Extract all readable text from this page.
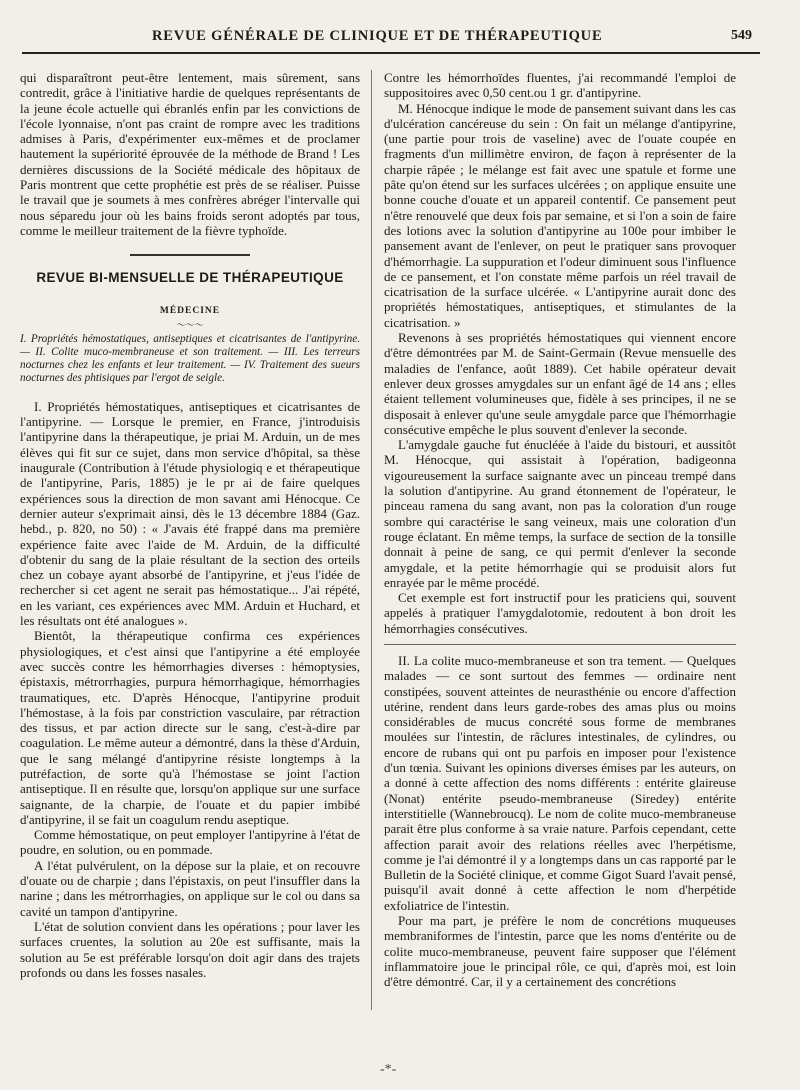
REVUE GÉNÉRALE DE CLINIQUE ET DE THÉRAPEUTIQUE	549

qui disparaîtront peut-être lentement, mais sûrement, sans contredit, grâce à l'initiative hardie de quelques représentants de la jeune école actuelle qui ébranlés enfin par les convictions de l'école lyonnaise, n'ont pas craint de rompre avec les traditions admises à Paris, d'expérimenter eux-mêmes et de proclamer hautement la supériorité éprouvée de la méthode de Brand ! Les dernières discussions de la Société médicale des hôpitaux de Paris montrent que cette prophétie est près de se réaliser. Puisse le travail que je soumets à mes confrères abréger l'intervalle qui nous séparedu jour où les bains froids seront adoptés par tous, comme le meilleur traitement de la fièvre typhoïde.

REVUE BI-MENSUELLE DE THÉRAPEUTIQUE
MÉDECINE
〜〜〜

I. Propriétés hémostatiques, antiseptiques et cicatrisantes de l'antipyrine. — II. Colite muco-membraneuse et son traitement. — III. Les terreurs nocturnes chez les enfants et leur traitement. — IV. Traitement des sueurs nocturnes des phtisiques par l'ergot de seigle.

I. Propriétés hémostatiques, antiseptiques et cicatrisantes de l'antipyrine. — Lorsque le premier, en France, j'introduisis l'antipyrine dans la thérapeutique, je priai M. Arduin, un de mes élèves qui fit sur ce sujet, dans mon service d'hôpital, sa thèse inaugurale (Contribution à l'étude physiologiq e et thérapeutique de l'antipyrine, Paris, 1885) je le pr ai de faire quelques expériences sous la direction de mon savant ami Hénocque. Ce dernier auteur s'exprimait ainsi, dès le 13 décembre 1884 (Gaz. hebd., p. 820, no 50) : « J'avais été frappé dans ma première expérience faite avec l'aide de M. Arduin, de la difficulté d'obtenir du sang de la plaie résultant de la section des orteils chez un cobaye ayant absorbé de l'antipyrine, et j'eus l'idée de rechercher si cet agent ne serait pas hémostatique... J'ai répété, en les variant, ces expériences avec MM. Arduin et Huchard, et les résultats ont été analogues ».

Bientôt, la thérapeutique confirma ces expériences physiologiques, et c'est ainsi que l'antipyrine a été employée avec succès contre les hémorrhagies diverses : hémoptysies, épistaxis, métrorrhagies, purpura hémorrhagique, hémorrhagies traumatiques, etc. D'après Hénocque, l'antipyrine produit l'hémostase, à la fois par constriction vasculaire, par rétraction des tissus, et par action directe sur le sang, c'est-à-dire par coagulation. Le même auteur a démontré, dans la thèse d'Arduin, que le sang mélangé d'antipyrine résiste longtemps à la putréfaction, de sorte qu'à l'hémostase se joint l'action antiseptique. Il en résulte que, lorsqu'on applique sur une surface saignante, de la charpie, de l'ouate et du papier imbibé d'antipyrine, il se fait un coagulum rendu aseptique.

Comme hémostatique, on peut employer l'antipyrine à l'état de poudre, en solution, ou en pommade.

A l'état pulvérulent, on la dépose sur la plaie, et on recouvre d'ouate ou de charpie ; dans l'épistaxis, on peut l'insuffler dans la narine ; dans les métrorrhagies, on applique sur le col ou dans sa cavité un tampon d'antipyrine.

L'état de solution convient dans les opérations ; pour laver les surfaces cruentes, la solution au 20e est suffisante, mais la solution au 5e est préférable lorsqu'on doit agir dans des trajets profonds ou dans les fosses nasales.

Contre les hémorrhoïdes fluentes, j'ai recommandé l'emploi de suppositoires avec 0,50 cent.ou 1 gr. d'antipyrine.

M. Hénocque indique le mode de pansement suivant dans les cas d'ulcération cancéreuse du sein : On fait un mélange d'antipyrine, (une partie pour trois de vaseline) avec de l'ouate coupée en fragments d'un millimètre environ, de façon à représenter de la charpie râpée ; le mélange est fait avec une spatule et forme une pâte qu'on étend sur les surfaces ulcérées ; on applique ensuite une bonne couche d'ouate et un appareil contentif. Ce pansement peut n'être renouvelé que deux fois par semaine, et si l'on a soin de faire des lotions avec la solution d'antipyrine au 100e pour imbiber le pansement avant de l'enlever, on peut le pratiquer sans provoquer d'hémorrhagie. La suppuration et l'odeur diminuent sous l'influence de ce pansement, et l'on constate même parfois un réel travail de cicatrisation de la surface ulcérée. « L'antipyrine aurait donc des propriétés hémostatiques, antiseptiques, et stimulantes de la cicatrisation. »

Revenons à ses propriétés hémostatiques qui viennent encore d'être démontrées par M. de Saint-Germain (Revue mensuelle des maladies de l'enfance, août 1889). Cet habile opérateur devait enlever deux grosses amygdales sur un enfant âgé de 14 ans ; elles étaient tellement volumineuses que, fidèle à ses principes, il ne se disposait à enlever qu'une seule amygdale parce que l'hémorrhagie consécutive empêche le plus souvent d'enlever la seconde.

L'amygdale gauche fut énucléée à l'aide du bistouri, et aussitôt M. Hénocque, qui assistait à l'opération, badigeonna vigoureusement la surface saignante avec un pinceau trempé dans la solution d'antipyrine. Au grand étonnement de l'opérateur, le pinceau ramena du sang avant, non pas la coloration d'un rouge sombre qui caractérise le sang veineux, mais une coloration d'un rouge éclatant. En même temps, la surface de section de la tonsille donnait à peine de sang, ce qui permit d'enlever la seconde amygdale, et la petite hémorrhagie qui se produisit alors fut enrayée par le même procédé.

Cet exemple est fort instructif pour les praticiens qui, souvent appelés à pratiquer l'amygdalotomie, redoutent à bon droit les hémorrhagies consécutives.

II. La colite muco-membraneuse et son tra tement. — Quelques malades — ce sont surtout des femmes — ordinaire nent constipées, souvent atteintes de neurasthénie ou encore d'affection utérine, rendent dans leurs garde-robes des amas plus ou moins considérables de mucus concrété sous forme de membranes moulées sur l'intestin, de râclures intestinales, de cylindres, ou encore de rubans qui ont pu parfois en imposer pour l'existence d'un tœnia. Suivant les opinions diverses émises par les auteurs, on a donné à cette affection des noms différents : entérite glaireuse (Nonat) entérite pseudo-membraneuse (Siredey) entérite interstitielle (Wannebroucq). Le nom de colite muco-membraneuse parait être plus conforme à sa vraie nature. Parfois cependant, cette affection parait avoir des relations réelles avec l'herpétisme, comme je l'ai démontré il y a longtemps dans un cas rapporté par le Bulletin de la Société clinique, et comme Gigot Suard l'avait pensé, puisqu'il avait donné à cette affection le nom d'herpétide exfoliatrice de l'intestin.

Pour ma part, je préfère le nom de concrétions muqueuses membraniformes de l'intestin, parce que les noms d'entérite ou de colite muco-membraneuse, peuvent faire supposer que l'élément inflammatoire joue le principal rôle, ce qui, d'après moi, est loin d'être démontré. Car, il y a certainement des concrétions

-*-
